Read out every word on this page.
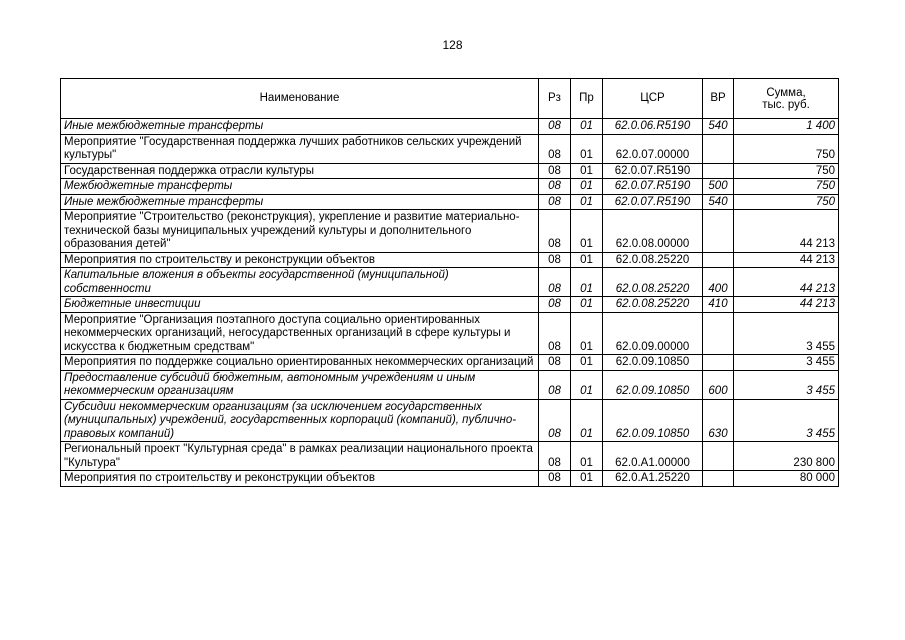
128
Наименование	Рз	Пр	ЦСР	ВР	Сумма,
тыс. руб.
Иные межбюджетные трансферты	08	01	62.0.06.R5190	540	1 400
Мероприятие "Государственная поддержка лучших работников сельских учреждений культуры"	08	01	62.0.07.00000		750
Государственная поддержка отрасли культуры	08	01	62.0.07.R5190		750
Межбюджетные трансферты	08	01	62.0.07.R5190	500	750
Иные межбюджетные трансферты	08	01	62.0.07.R5190	540	750
Мероприятие "Строительство (реконструкция), укрепление и развитие материально-технической базы муниципальных учреждений культуры и дополнительного образования детей"	08	01	62.0.08.00000		44 213
Мероприятия по строительству и реконструкции объектов	08	01	62.0.08.25220		44 213
Капитальные вложения в объекты государственной (муниципальной) собственности	08	01	62.0.08.25220	400	44 213
Бюджетные инвестиции	08	01	62.0.08.25220	410	44 213
Мероприятие "Организация поэтапного доступа социально ориентированных некоммерческих организаций, негосударственных организаций в сфере культуры и искусства к бюджетным средствам"	08	01	62.0.09.00000		3 455
Мероприятия по поддержке социально ориентированных некоммерческих организаций	08	01	62.0.09.10850		3 455
Предоставление субсидий бюджетным, автономным учреждениям и иным некоммерческим организациям	08	01	62.0.09.10850	600	3 455
Субсидии некоммерческим организациям (за исключением государственных (муниципальных) учреждений, государственных корпораций (компаний), публично-правовых компаний)	08	01	62.0.09.10850	630	3 455
Региональный проект "Культурная среда" в рамках реализации национального проекта "Культура"	08	01	62.0.A1.00000		230 800
Мероприятия по строительству и реконструкции объектов	08	01	62.0.A1.25220		80 000
